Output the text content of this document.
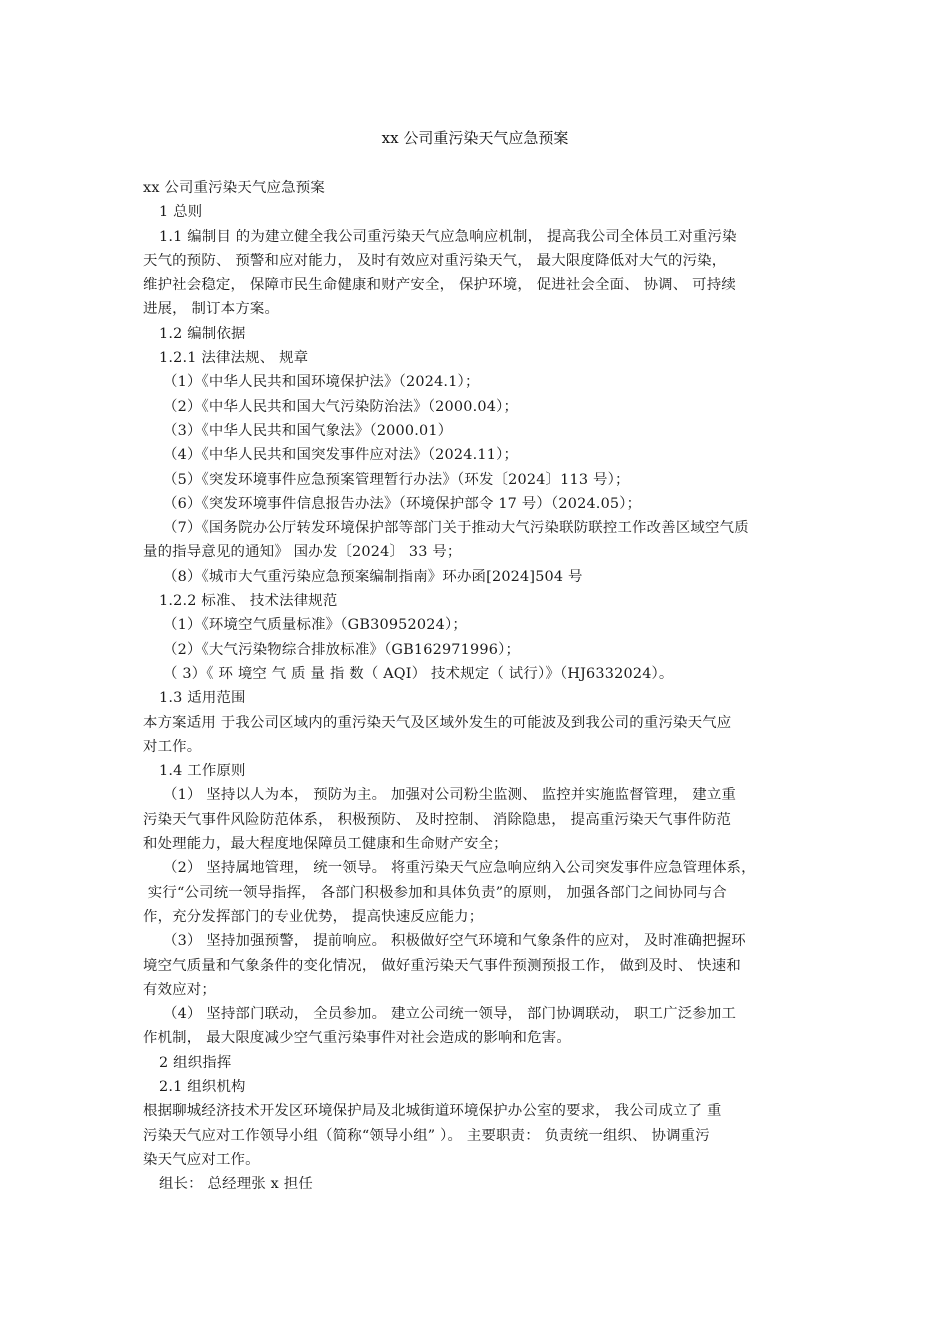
xx 公司重污染天气应急预案
xx 公司重污染天气应急预案
1 总则
1.1 编制目 的为建立健全我公司重污染天气应急响应机制， 提高我公司全体员工对重污染
天气的预防、 预警和应对能力， 及时有效应对重污染天气， 最大限度降低对大气的污染，
维护社会稳定， 保障市民生命健康和财产安全， 保护环境， 促进社会全面、 协调、 可持续
进展， 制订本方案。
1.2 编制依据
1.2.1 法律法规、 规章
（1）《中华人民共和国环境保护法》（2024.1）；
（2）《中华人民共和国大气污染防治法》（2000.04）；
（3）《中华人民共和国气象法》（2000.01）
（4）《中华人民共和国突发事件应对法》（2024.11）；
（5）《突发环境事件应急预案管理暂行办法》（环发〔2024〕113 号）；
（6）《突发环境事件信息报告办法》（环境保护部令 17 号）（2024.05）；
（7）《国务院办公厅转发环境保护部等部门关于推动大气污染联防联控工作改善区域空气质
量的指导意见的通知》 国办发〔2024〕 33 号；
（8）《城市大气重污染应急预案编制指南》环办函[2024]504 号
1.2.2 标准、 技术法律规范
（1）《环境空气质量标准》（GB30952024）；
（2）《大气污染物综合排放标准》（GB162971996）；
（ 3）《 环 境空 气 质 量 指 数（ AQI） 技术规定（ 试行）》（HJ6332024）。
1.3 适用范围
本方案适用 于我公司区域内的重污染天气及区域外发生的可能波及到我公司的重污染天气应
对工作。
1.4 工作原则
（1） 坚持以人为本， 预防为主。 加强对公司粉尘监测、 监控并实施监督管理， 建立重
污染天气事件风险防范体系， 积极预防、 及时控制、 消除隐患， 提高重污染天气事件防范
和处理能力，最大程度地保障员工健康和生命财产安全；
（2） 坚持属地管理， 统一领导。 将重污染天气应急响应纳入公司突发事件应急管理体系，
实行“公司统一领导指挥， 各部门积极参加和具体负责”的原则， 加强各部门之间协同与合
作，充分发挥部门的专业优势， 提高快速反应能力；
（3） 坚持加强预警， 提前响应。 积极做好空气环境和气象条件的应对， 及时准确把握环
境空气质量和气象条件的变化情况， 做好重污染天气事件预测预报工作， 做到及时、 快速和
有效应对；
（4） 坚持部门联动， 全员参加。 建立公司统一领导， 部门协调联动， 职工广泛参加工
作机制， 最大限度减少空气重污染事件对社会造成的影响和危害。
2 组织指挥
2.1 组织机构
根据聊城经济技术开发区环境保护局及北城街道环境保护办公室的要求， 我公司成立了 重
污染天气应对工作领导小组（简称“领导小组” ）。 主要职责： 负责统一组织、 协调重污
染天气应对工作。
组长： 总经理张 x 担任
